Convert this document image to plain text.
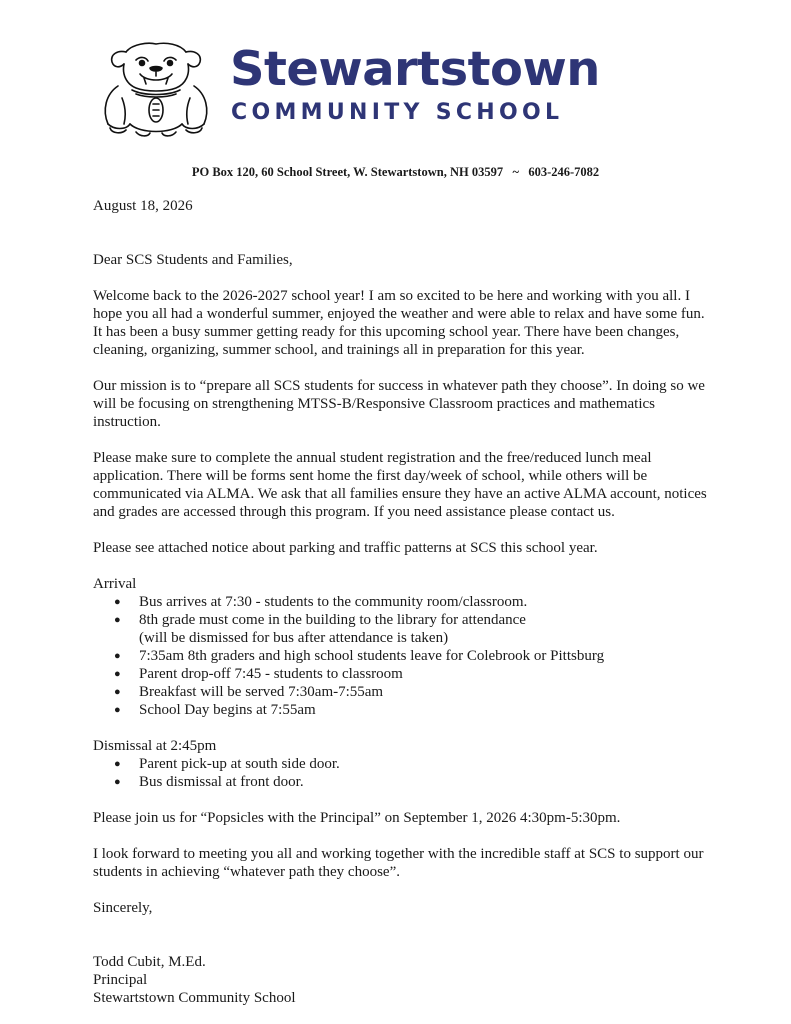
Stewartstown
COMMUNITY SCHOOL
PO Box 120, 60 School Street, W. Stewartstown, NH 03597   ~   603-246-7082

August 18, 2026

Dear SCS Students and Families,

Welcome back to the 2026-2027 school year! I am so excited to be here and working with you all. I hope you all had a wonderful summer, enjoyed the weather and were able to relax and have some fun. It has been a busy summer getting ready for this upcoming school year. There have been changes, cleaning, organizing, summer school, and trainings all in preparation for this year.

Our mission is to “prepare all SCS students for success in whatever path they choose”. In doing so we will be focusing on strengthening MTSS-B/Responsive Classroom practices and mathematics instruction.

Please make sure to complete the annual student registration and the free/reduced lunch meal application. There will be forms sent home the first day/week of school, while others will be communicated via ALMA. We ask that all families ensure they have an active ALMA account, notices and grades are accessed through this program. If you need assistance please contact us.

Please see attached notice about parking and traffic patterns at SCS this school year.

Arrival

● Bus arrives at 7:30 - students to the community room/classroom.
● 8th grade must come in the building to the library for attendance
(will be dismissed for bus after attendance is taken)
● 7:35am 8th graders and high school students leave for Colebrook or Pittsburg
● Parent drop-off 7:45 - students to classroom
● Breakfast will be served 7:30am-7:55am
● School Day begins at 7:55am

Dismissal at 2:45pm

● Parent pick-up at south side door.
● Bus dismissal at front door.

Please join us for “Popsicles with the Principal” on September 1, 2026 4:30pm-5:30pm.

I look forward to meeting you all and working together with the incredible staff at SCS to support our students in achieving “whatever path they choose”.

Sincerely,

Todd Cubit, M.Ed.

Principal

Stewartstown Community School
